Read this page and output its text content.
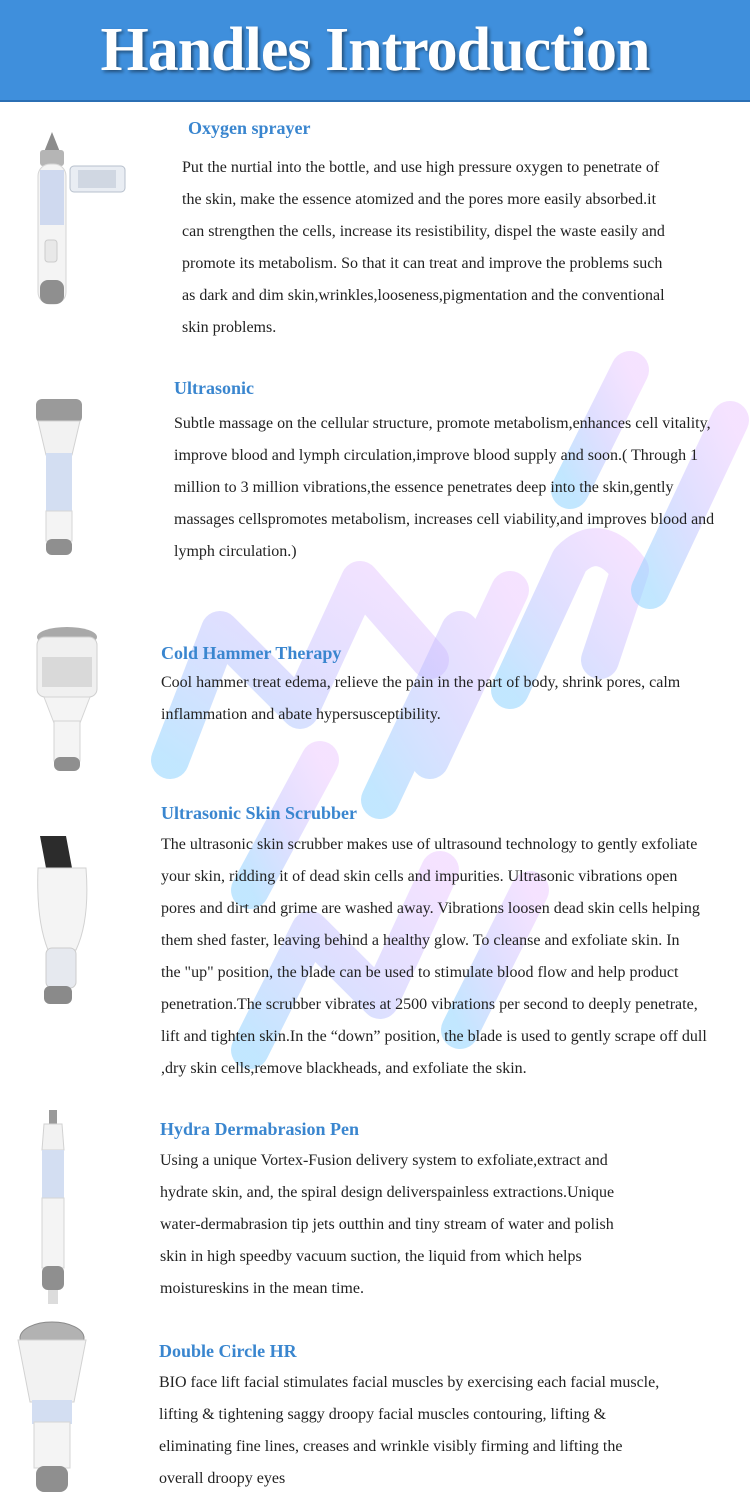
Handles Introduction
Oxygen sprayer

Put the nurtial into the bottle, and use high pressure oxygen to penetrate of
the skin, make the essence atomized and the pores more easily absorbed.it
can strengthen the cells, increase its resistibility, dispel the waste easily and
promote its metabolism. So that it can treat and improve the problems such
as dark and dim skin,wrinkles,looseness,pigmentation and the conventional
skin problems.

Ultrasonic

Subtle massage on the cellular structure, promote metabolism,enhances cell vitality,
improve blood and lymph circulation,improve blood supply and soon.( Through 1
million to 3 million vibrations,the essence penetrates deep into the skin,gently
massages cellspromotes metabolism, increases cell viability,and improves blood and
lymph circulation.)

Cold Hammer Therapy

Cool hammer treat edema, relieve the pain in the part of body, shrink pores, calm
inflammation and abate hypersusceptibility.

Ultrasonic Skin Scrubber

The ultrasonic skin scrubber makes use of ultrasound technology to gently exfoliate
your skin, ridding it of dead skin cells and impurities. Ultrasonic vibrations open
pores and dirt and grime are washed away. Vibrations loosen dead skin cells helping
them shed faster, leaving behind a healthy glow. To cleanse and exfoliate skin. In
the "up" position, the blade can be used to stimulate blood flow and help product
penetration.The scrubber vibrates at 2500 vibrations per second to deeply penetrate,
lift and tighten skin.In the “down” position, the blade is used to gently scrape off dull
,dry skin cells,remove blackheads, and exfoliate the skin.

Hydra Dermabrasion Pen

Using a unique Vortex-Fusion delivery system to exfoliate,extract and
hydrate skin, and, the spiral design deliverspainless extractions.Unique
water-dermabrasion tip jets outthin and tiny stream of water and polish
skin in high speedby vacuum suction, the liquid from which helps
moistureskins in the mean time.

Double Circle HR

BIO face lift facial stimulates facial muscles by exercising each facial muscle,
lifting & tightening saggy droopy facial muscles contouring, lifting &
eliminating fine lines, creases and wrinkle visibly firming and lifting the
overall droopy eyes
